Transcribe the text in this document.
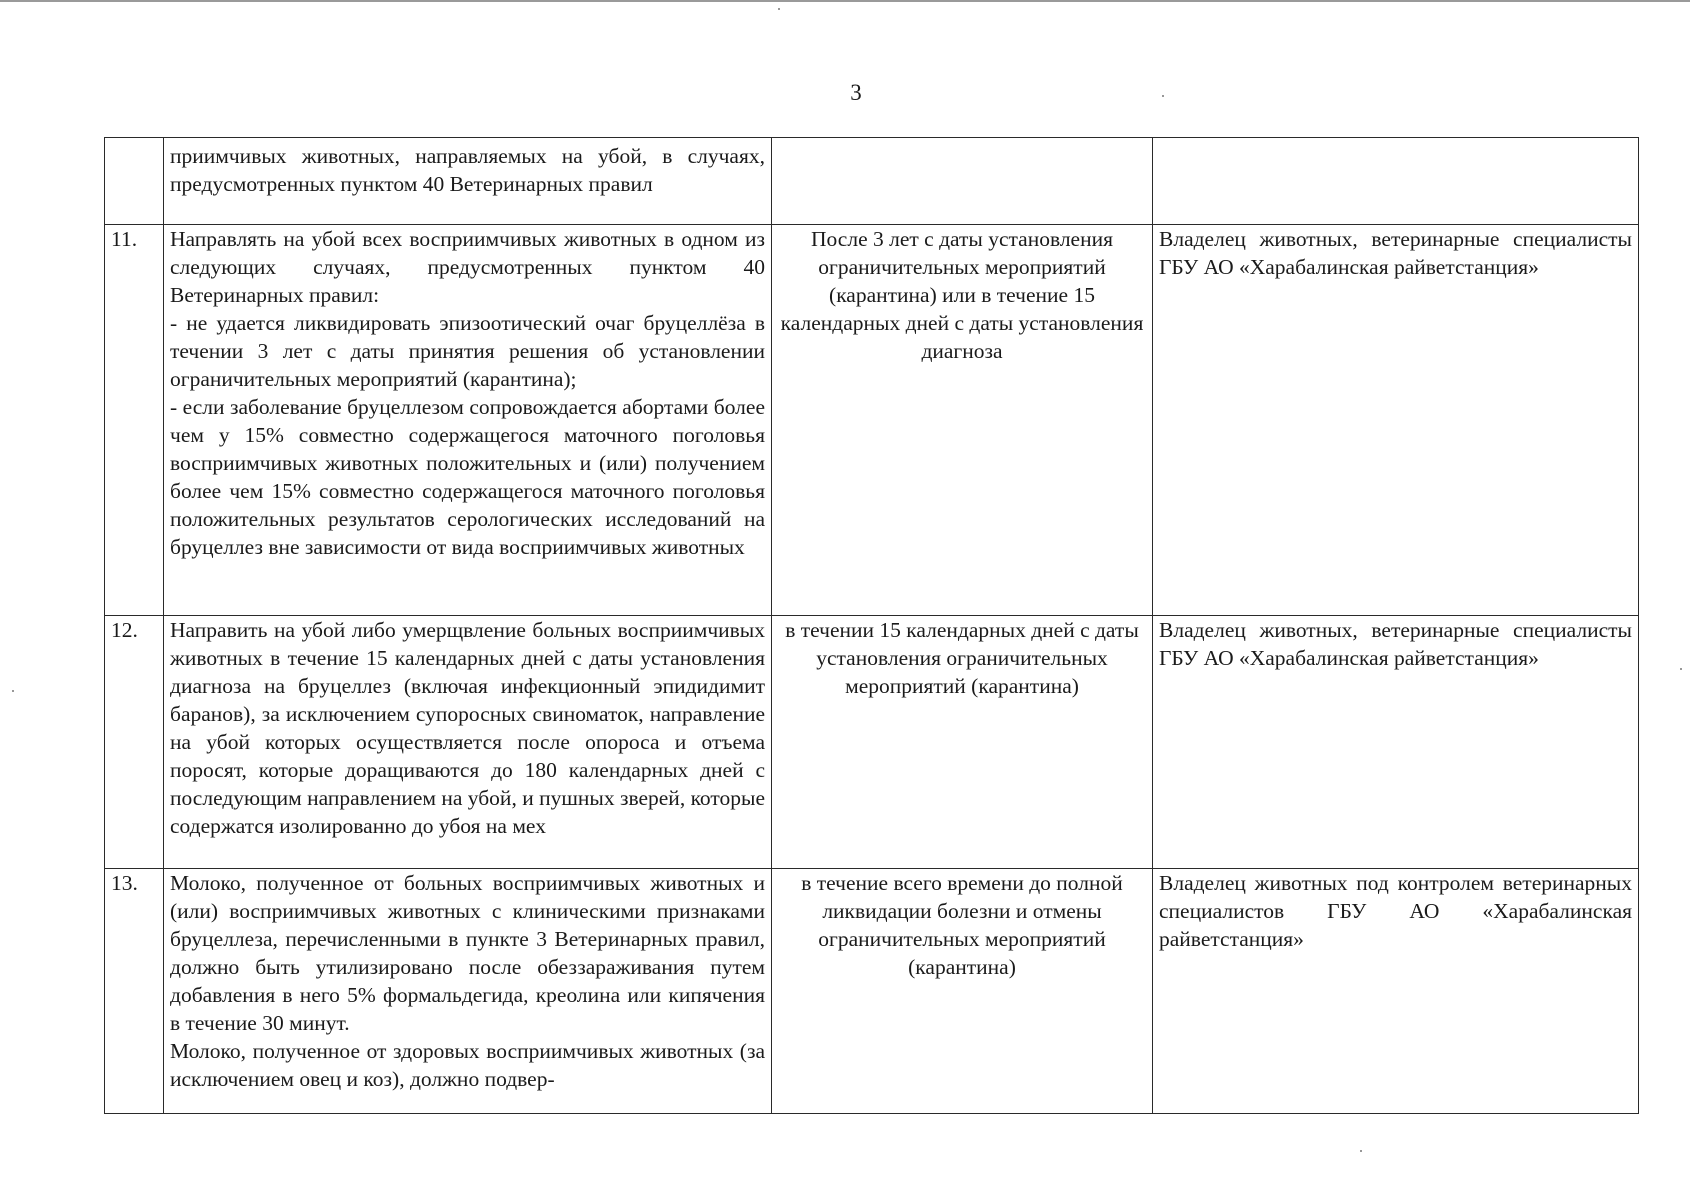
3

	приимчивых животных, направляемых на убой, в случаях, предусмотренных пунктом 40 Ветеринарных правил		

11.	Направлять на убой всех восприимчивых животных в одном из следующих случаях, предусмотренных пунктом 40 Ветеринарных правил:
- не удается ликвидировать эпизоотический очаг бруцеллёза в течении 3 лет с даты принятия решения об установлении ограничительных мероприятий (карантина);
- если заболевание бруцеллезом сопровождается абортами более чем у 15% совместно содержащегося маточного поголовья восприимчивых животных положительных и (или) получением более чем 15% совместно содержащегося маточного поголовья положительных результатов серологических исследований на бруцеллез вне зависимости от вида восприимчивых животных	После 3 лет с даты установления ограничительных мероприятий (карантина) или в течение 15 календарных дней с даты установления диагноза	Владелец животных, ветеринарные специалисты ГБУ АО «Харабалинская райветстанция»
12.	Направить на убой либо умерщвление больных восприимчивых животных в течение 15 календарных дней с даты установления диагноза на бруцеллез (включая инфекционный эпидидимит баранов), за исключением супоросных свиноматок, направление на убой которых осуществляется после опороса и отъема поросят, которые доращиваются до 180 календарных дней с последующим направлением на убой, и пушных зверей, которые содержатся изолированно до убоя на мех	в течении 15 календарных дней с даты установления ограничительных мероприятий (карантина)	Владелец животных, ветеринарные специалисты ГБУ АО «Харабалинская райветстанция»
13.	Молоко, полученное от больных восприимчивых животных и (или) восприимчивых животных с клиническими признаками бруцеллеза, перечисленными в пункте 3 Ветеринарных правил, должно быть утилизировано после обеззараживания путем добавления в него 5% формальдегида, креолина или кипячения в течение 30 минут.
Молоко, полученное от здоровых восприимчивых животных (за исключением овец и коз), должно подвер-	в течение всего времени до полной ликвидации болезни и отмены ограничительных мероприятий (карантина)	Владелец животных под контролем ветеринарных специалистов ГБУ АО «Харабалинская райветстанция»
